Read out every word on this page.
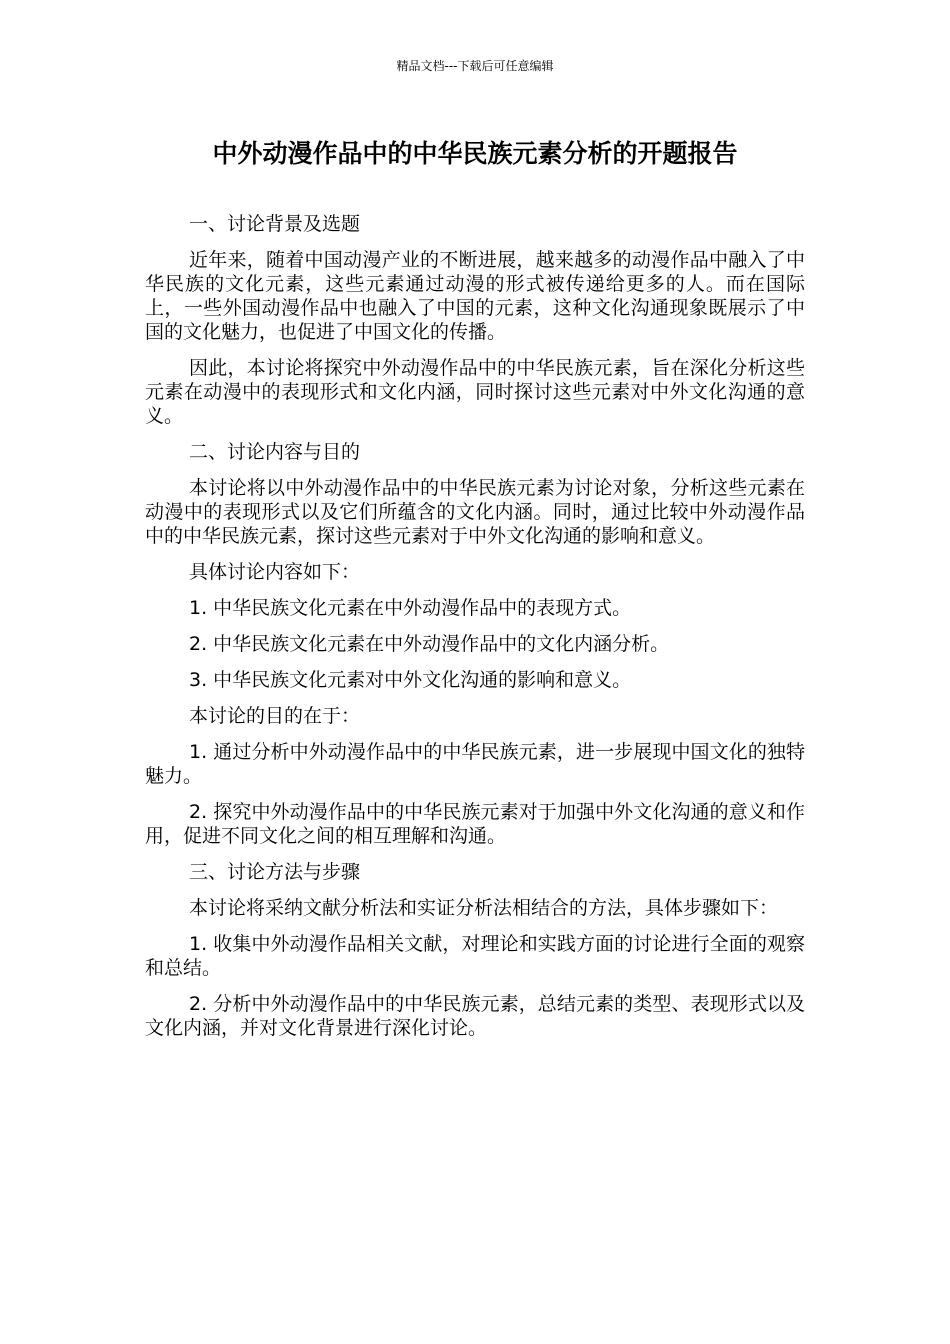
精品文档---下载后可任意编辑
中外动漫作品中的中华民族元素分析的开题报告

一、讨论背景及选题

近年来，随着中国动漫产业的不断进展，越来越多的动漫作品中融入了中华民族的文化元素，这些元素通过动漫的形式被传递给更多的人。而在国际上，一些外国动漫作品中也融入了中国的元素，这种文化沟通现象既展示了中国的文化魅力，也促进了中国文化的传播。

因此，本讨论将探究中外动漫作品中的中华民族元素，旨在深化分析这些元素在动漫中的表现形式和文化内涵，同时探讨这些元素对中外文化沟通的意义。

二、讨论内容与目的

本讨论将以中外动漫作品中的中华民族元素为讨论对象，分析这些元素在动漫中的表现形式以及它们所蕴含的文化内涵。同时，通过比较中外动漫作品中的中华民族元素，探讨这些元素对于中外文化沟通的影响和意义。

具体讨论内容如下：

1. 中华民族文化元素在中外动漫作品中的表现方式。

2. 中华民族文化元素在中外动漫作品中的文化内涵分析。

3. 中华民族文化元素对中外文化沟通的影响和意义。

本讨论的目的在于：

1. 通过分析中外动漫作品中的中华民族元素，进一步展现中国文化的独特魅力。

2. 探究中外动漫作品中的中华民族元素对于加强中外文化沟通的意义和作用，促进不同文化之间的相互理解和沟通。

三、讨论方法与步骤

本讨论将采纳文献分析法和实证分析法相结合的方法，具体步骤如下：

1. 收集中外动漫作品相关文献，对理论和实践方面的讨论进行全面的观察和总结。

2. 分析中外动漫作品中的中华民族元素，总结元素的类型、表现形式以及文化内涵，并对文化背景进行深化讨论。
